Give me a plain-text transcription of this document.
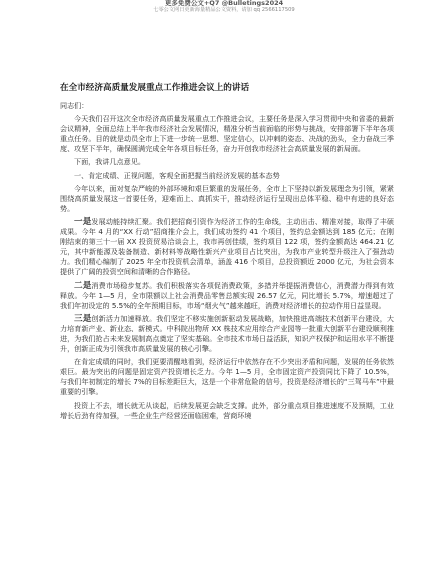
更多免费公文+Q7 @Bulletings2024
七零公文网日更新海量精品公文资料，请加 qq 2566117509
在全市经济高质量发展重点工作推进会议上的讲话

同志们：

今天我们召开这次全市经济高质量发展重点工作推进会议，主要任务是深入学习贯彻中央和省委的最新会议精神，全面总结上半年我市经济社会发展情况，精准分析当前面临的形势与挑战，安排部署下半年各项重点任务。目的就是动员全市上下进一步统一思想、坚定信心，以冲刺的姿态、决战的劲头，全力奋战三季度、攻坚下半年，确保圆满完成全年各项目标任务，奋力开创我市经济社会高质量发展的新局面。

下面，我讲几点意见。

一、肯定成绩、正视问题，客观全面把握当前经济发展的基本态势

今年以来，面对复杂严峻的外部环境和艰巨繁重的发展任务，全市上下坚持以新发展理念为引领，紧紧围绕高质量发展这一首要任务，迎难而上、真抓实干，推动经济运行呈现出总体平稳、稳中有进的良好态势。

一是发展动能持续汇聚。我们把招商引资作为经济工作的生命线，主动出击、精准对接，取得了丰硕成果。今年 4 月的“XX 行动”招商推介会上，我们成功签约 41 个项目，签约总金额达到 185 亿元；在刚刚结束的第三十一届 XX 投资贸易洽谈会上，我市再创佳绩，签约项目 122 项，签约金额高达 464.21 亿元，其中新能源及装备制造、新材料等战略性新兴产业项目占比突出，为我市产业转型升级注入了强劲动力。我们精心编制了 2025 年全市投资机会清单，涵盖 416 个项目，总投资额近 2000 亿元，为社会资本提供了广阔的投资空间和清晰的合作路径。

二是消费市场稳步复苏。我们积极落实各项促消费政策，多措并举提振消费信心，消费潜力得到有效释放。今年 1—5 月，全市限额以上社会消费品零售总额实现 26.57 亿元，同比增长 5.7%，增速超过了我们年初设定的 5.5%的全年预期目标，市场“烟火气”越来越旺，消费对经济增长的拉动作用日益显现。

三是创新活力加速释放。我们坚定不移实施创新驱动发展战略，加快推进高端技术创新平台建设，大力培育新产业、新业态、新模式。中科院出物所 XX 株技术应用综合产业园等一批重大创新平台建设顺利推进，为我们抢占未来发展制高点奠定了坚实基础。全市技术市场日益活跃，知识产权保护和运用水平不断提升，创新正成为引领我市高质量发展的核心引擎。

在肯定成绩的同时，我们更要清醒地看到，经济运行中依然存在不少突出矛盾和问题，发展的任务依然艰巨。最为突出的问题是固定资产投资增长乏力。今年 1—5 月，全市固定资产投资同比下降了 10.5%，与我们年初制定的增长 7%的目标差距巨大，这是一个非常危险的信号，投资是经济增长的“三驾马车”中最重要的引擎。

投资上不去，增长就无从谈起，后续发展更会缺乏支撑。此外，部分重点项目推进速度不及预期，工业增长后劲有待加强，一些企业生产经营还面临困难，营商环境
